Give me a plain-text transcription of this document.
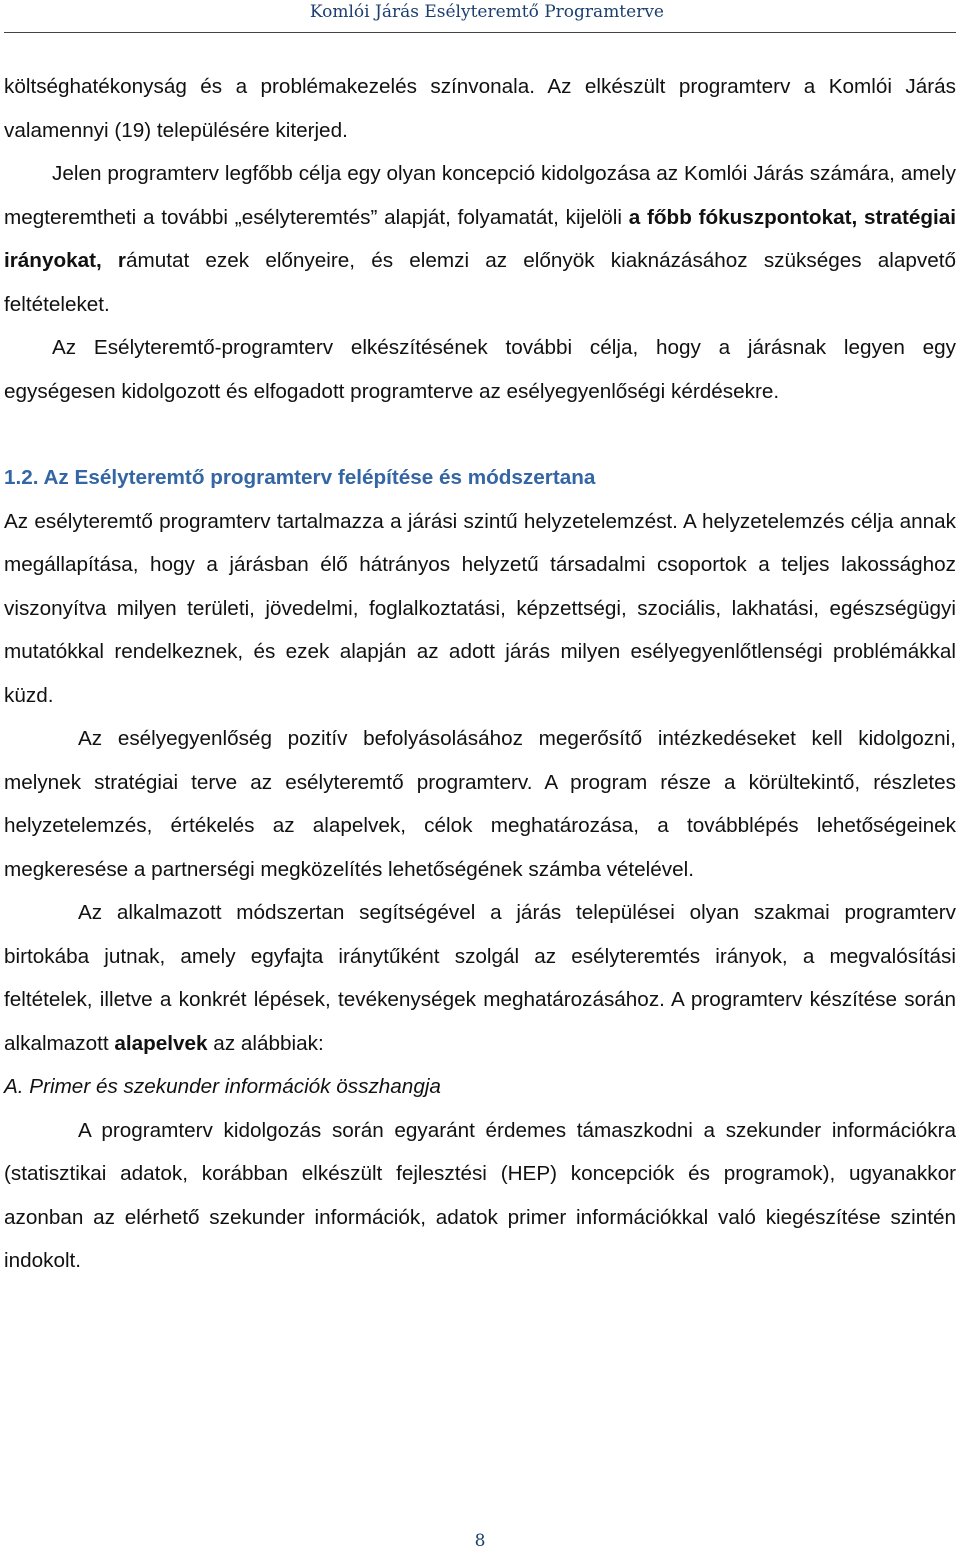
Komlói Járás Esélyteremtő Programterve

költséghatékonyság és a problémakezelés színvonala. Az elkészült programterv a Komlói Járás valamennyi (19) településére kiterjed.

Jelen programterv legfőbb célja egy olyan koncepció kidolgozása az Komlói Járás számára, amely megteremtheti a további „esélyteremtés” alapját, folyamatát, kijelöli a főbb fókuszpontokat, stratégiai irányokat, rámutat ezek előnyeire, és elemzi az előnyök kiaknázásához szükséges alapvető feltételeket.

Az Esélyteremtő-programterv elkészítésének további célja, hogy a járásnak legyen egy egységesen kidolgozott és elfogadott programterve az esélyegyenlőségi kérdésekre.

1.2. Az Esélyteremtő programterv felépítése és módszertana

Az esélyteremtő programterv tartalmazza a járási szintű helyzetelemzést. A helyzetelemzés célja annak megállapítása, hogy a járásban élő hátrányos helyzetű társadalmi csoportok a teljes lakossághoz viszonyítva milyen területi, jövedelmi, foglalkoztatási, képzettségi, szociális, lakhatási, egészségügyi mutatókkal rendelkeznek, és ezek alapján az adott járás milyen esélyegyenlőtlenségi problémákkal küzd.

Az esélyegyenlőség pozitív befolyásolásához megerősítő intézkedéseket kell kidolgozni, melynek stratégiai terve az esélyteremtő programterv. A program része a körültekintő, részletes helyzetelemzés, értékelés az alapelvek, célok meghatározása, a továbblépés lehetőségeinek megkeresése a partnerségi megközelítés lehetőségének számba vételével.

Az alkalmazott módszertan segítségével a járás települései olyan szakmai programterv birtokába jutnak, amely egyfajta iránytűként szolgál az esélyteremtés irányok, a megvalósítási feltételek, illetve a konkrét lépések, tevékenységek meghatározásához. A programterv készítése során alkalmazott alapelvek az alábbiak:

A. Primer és szekunder információk összhangja

A programterv kidolgozás során egyaránt érdemes támaszkodni a szekunder információkra (statisztikai adatok, korábban elkészült fejlesztési (HEP) koncepciók és programok), ugyanakkor azonban az elérhető szekunder információk, adatok primer információkkal való kiegészítése szintén indokolt.

8
